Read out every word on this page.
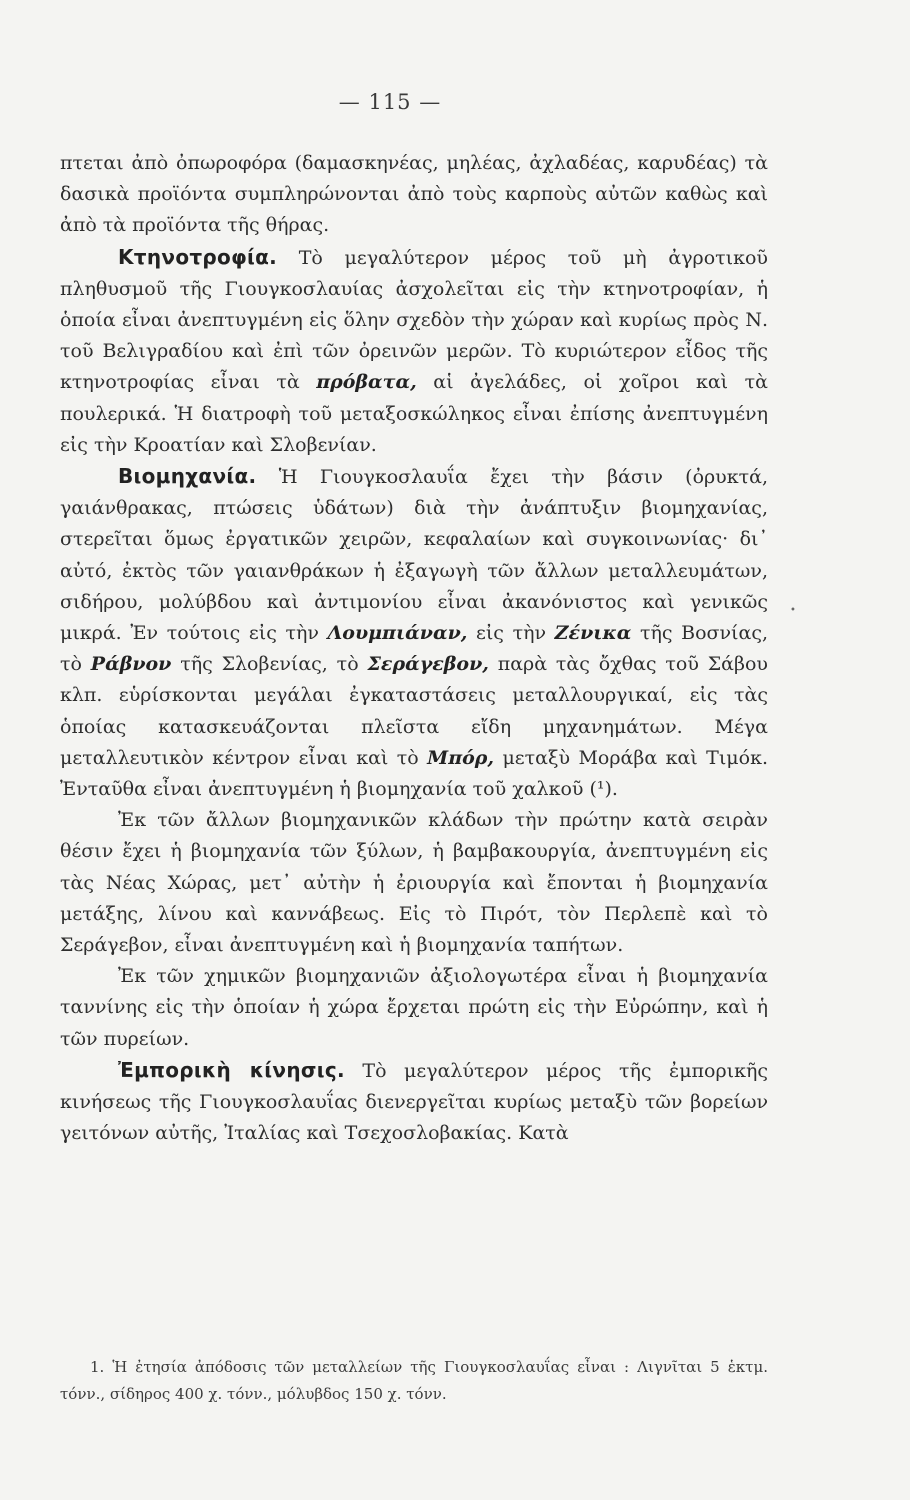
— 115 —

πτεται ἀπὸ ὀπωροφόρα (δαμασκηνέας, μηλέας, ἀχλαδέας, καρυδέας) τὰ δασικὰ προϊόντα συμπληρώνονται ἀπὸ τοὺς καρποὺς αὐτῶν καθὼς καὶ ἀπὸ τὰ προϊόντα τῆς θήρας.

Κτηνοτροφία. Τὸ μεγαλύτερον μέρος τοῦ μὴ ἀγροτικοῦ πληθυσμοῦ τῆς Γιουγκοσλαυίας ἀσχολεῖται εἰς τὴν κτηνοτροφίαν, ἡ ὁποία εἶναι ἀνεπτυγμένη εἰς ὅλην σχεδὸν τὴν χώραν καὶ κυρίως πρὸς Ν. τοῦ Βελιγραδίου καὶ ἐπὶ τῶν ὀρεινῶν μερῶν. Τὸ κυριώτερον εἶδος τῆς κτηνοτροφίας εἶναι τὰ πρόβατα, αἱ ἀγελάδες, οἱ χοῖροι καὶ τὰ πουλερικά. Ἡ διατροφὴ τοῦ μεταξοσκώληκος εἶναι ἐπίσης ἀνεπτυγμένη εἰς τὴν Κροατίαν καὶ Σλοβενίαν.

Βιομηχανία. Ἡ Γιουγκοσλαυΐα ἔχει τὴν βάσιν (ὀρυκτά, γαιάνθρακας, πτώσεις ὑδάτων) διὰ τὴν ἀνάπτυξιν βιομηχανίας, στερεῖται ὅμως ἐργατικῶν χειρῶν, κεφαλαίων καὶ συγκοινωνίας· δι᾽ αὐτό, ἐκτὸς τῶν γαιανθράκων ἡ ἐξαγωγὴ τῶν ἄλλων μεταλλευμάτων, σιδήρου, μολύβδου καὶ ἀντιμονίου εἶναι ἀκανόνιστος καὶ γενικῶς μικρά. Ἐν τούτοις εἰς τὴν Λουμπιάναν, εἰς τὴν Ζένικα τῆς Βοσνίας, τὸ Ράβνον τῆς Σλοβενίας, τὸ Σεράγεβον, παρὰ τὰς ὄχθας τοῦ Σάβου κλπ. εὑρίσκονται μεγάλαι ἐγκαταστάσεις μεταλλουργικαί, εἰς τὰς ὁποίας κατασκευάζονται πλεῖστα εἴδη μηχανημάτων. Μέγα μεταλλευτικὸν κέντρον εἶναι καὶ τὸ Μπόρ, μεταξὺ Μοράβα καὶ Τιμόκ. Ἐνταῦθα εἶναι ἀνεπτυγμένη ἡ βιομηχανία τοῦ χαλκοῦ (¹).

Ἐκ τῶν ἄλλων βιομηχανικῶν κλάδων τὴν πρώτην κατὰ σειρὰν θέσιν ἔχει ἡ βιομηχανία τῶν ξύλων, ἡ βαμβακουργία, ἀνεπτυγμένη εἰς τὰς Νέας Χώρας, μετ᾽ αὐτὴν ἡ ἐριουργία καὶ ἔπονται ἡ βιομηχανία μετάξης, λίνου καὶ καννάβεως. Εἰς τὸ Πιρότ, τὸν Περλεπὲ καὶ τὸ Σεράγεβον, εἶναι ἀνεπτυγμένη καὶ ἡ βιομηχανία ταπήτων.

Ἐκ τῶν χημικῶν βιομηχανιῶν ἀξιολογωτέρα εἶναι ἡ βιομηχανία ταννίνης εἰς τὴν ὁποίαν ἡ χώρα ἔρχεται πρώτη εἰς τὴν Εὐρώπην, καὶ ἡ τῶν πυρείων.

Ἐμπορικὴ κίνησις. Τὸ μεγαλύτερον μέρος τῆς ἐμπορικῆς κινήσεως τῆς Γιουγκοσλαυΐας διενεργεῖται κυρίως μεταξὺ τῶν βορείων γειτόνων αὐτῆς, Ἰταλίας καὶ Τσεχοσλοβακίας. Κατὰ

1. Ἡ ἐτησία ἀπόδοσις τῶν μεταλλείων τῆς Γιουγκοσλαυΐας εἶναι : Λιγνῖται 5 ἑκτμ. τόνν., σίδηρος 400 χ. τόνν., μόλυβδος 150 χ. τόνν.

•
